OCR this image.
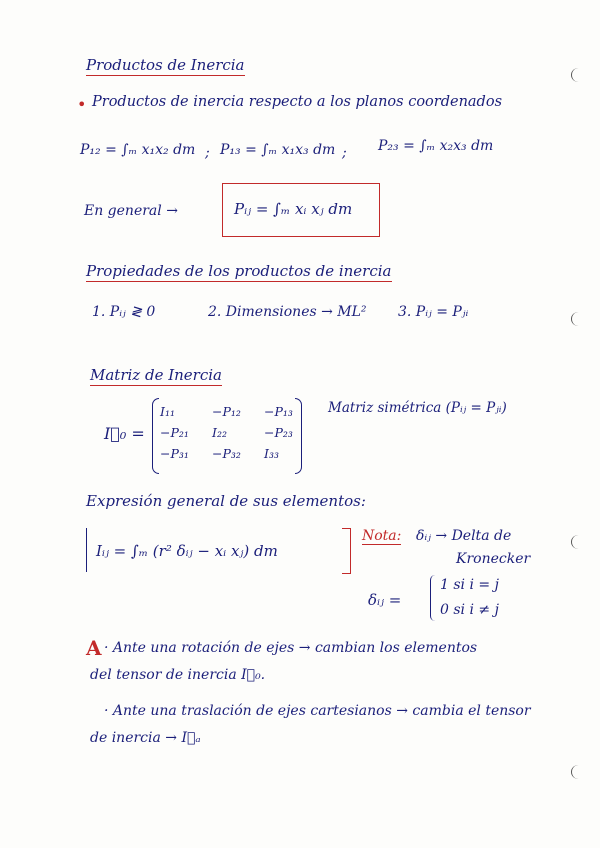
Productos de Inercia
• Productos de inercia respecto a los planos coordenados
P₁₂ = ∫ₘ x₁x₂ dm ; P₁₃ = ∫ₘ x₁x₃ dm ; P₂₃ = ∫ₘ x₂x₃ dm
En general →	Pᵢⱼ = ∫ₘ xᵢ xⱼ dm
Propiedades de los productos de inercia
1. Pᵢⱼ ≷ 0	2. Dimensiones → ML² 3. Pᵢⱼ = Pⱼᵢ
Matriz de Inercia
I⃖₀ =
I₁₁	−P₁₂	−P₁₃
−P₂₁	I₂₂	−P₂₃
−P₃₁	−P₃₂	I₃₃
Matriz simétrica (Pᵢⱼ = Pⱼᵢ)
Expresión general de sus elementos:
Iᵢⱼ = ∫ₘ (r² δᵢⱼ − xᵢ xⱼ) dm
Nota: δᵢⱼ → Delta de
Kronecker
δᵢⱼ =
1 si i = j
0 si i ≠ j
A · Ante una rotación de ejes → cambian los elementos
del tensor de inercia I⃖₀.
· Ante una traslación de ejes cartesianos → cambia el tensor
de inercia → I⃖ₐ
